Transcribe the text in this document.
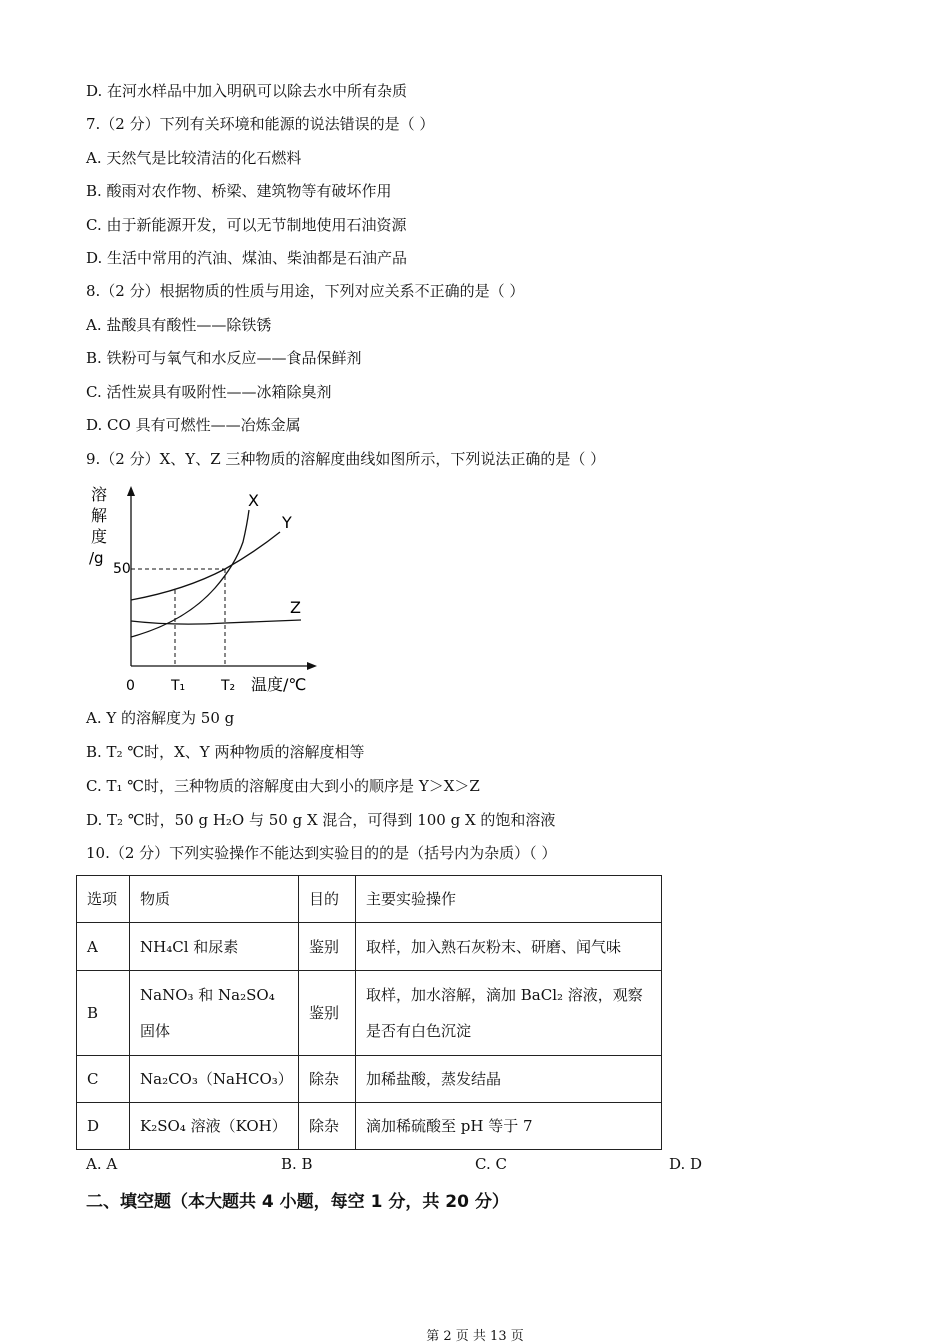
D. 在河水样品中加入明矾可以除去水中所有杂质
7.（2 分）下列有关环境和能源的说法错误的是（ ）
A. 天然气是比较清洁的化石燃料
B. 酸雨对农作物、桥梁、建筑物等有破坏作用
C. 由于新能源开发，可以无节制地使用石油资源
D. 生活中常用的汽油、煤油、柴油都是石油产品
8.（2 分）根据物质的性质与用途，下列对应关系不正确的是（ ）
A. 盐酸具有酸性——除铁锈
B. 铁粉可与氧气和水反应——食品保鲜剂
C. 活性炭具有吸附性——冰箱除臭剂
D. CO 具有可燃性——冶炼金属
9.（2 分）X、Y、Z 三种物质的溶解度曲线如图所示，下列说法正确的是（ ）
溶
解
度
/g
X
Y
Z
50
0	T₁	T₂ 温度/℃
A. Y 的溶解度为 50 g
B. T₂ ℃时，X、Y 两种物质的溶解度相等
C. T₁ ℃时，三种物质的溶解度由大到小的顺序是 Y＞X＞Z
D. T₂ ℃时，50 g H₂O 与 50 g X 混合，可得到 100 g X 的饱和溶液
10.（2 分）下列实验操作不能达到实验目的的是（括号内为杂质）（ ）
选项	物质	目的	主要实验操作
A	NH₄Cl 和尿素	鉴别	取样，加入熟石灰粉末、研磨、闻气味
B	NaNO₃ 和 Na₂SO₄ 固体	鉴别	取样，加水溶解，滴加 BaCl₂ 溶液，观察是否有白色沉淀
C	Na₂CO₃（NaHCO₃）	除杂	加稀盐酸，蒸发结晶
D	K₂SO₄ 溶液（KOH）	除杂	滴加稀硫酸至 pH 等于 7
A. A	B. B	C. C	D. D
二、填空题（本大题共 4 小题，每空 1 分，共 20 分）
第 2 页 共 13 页
